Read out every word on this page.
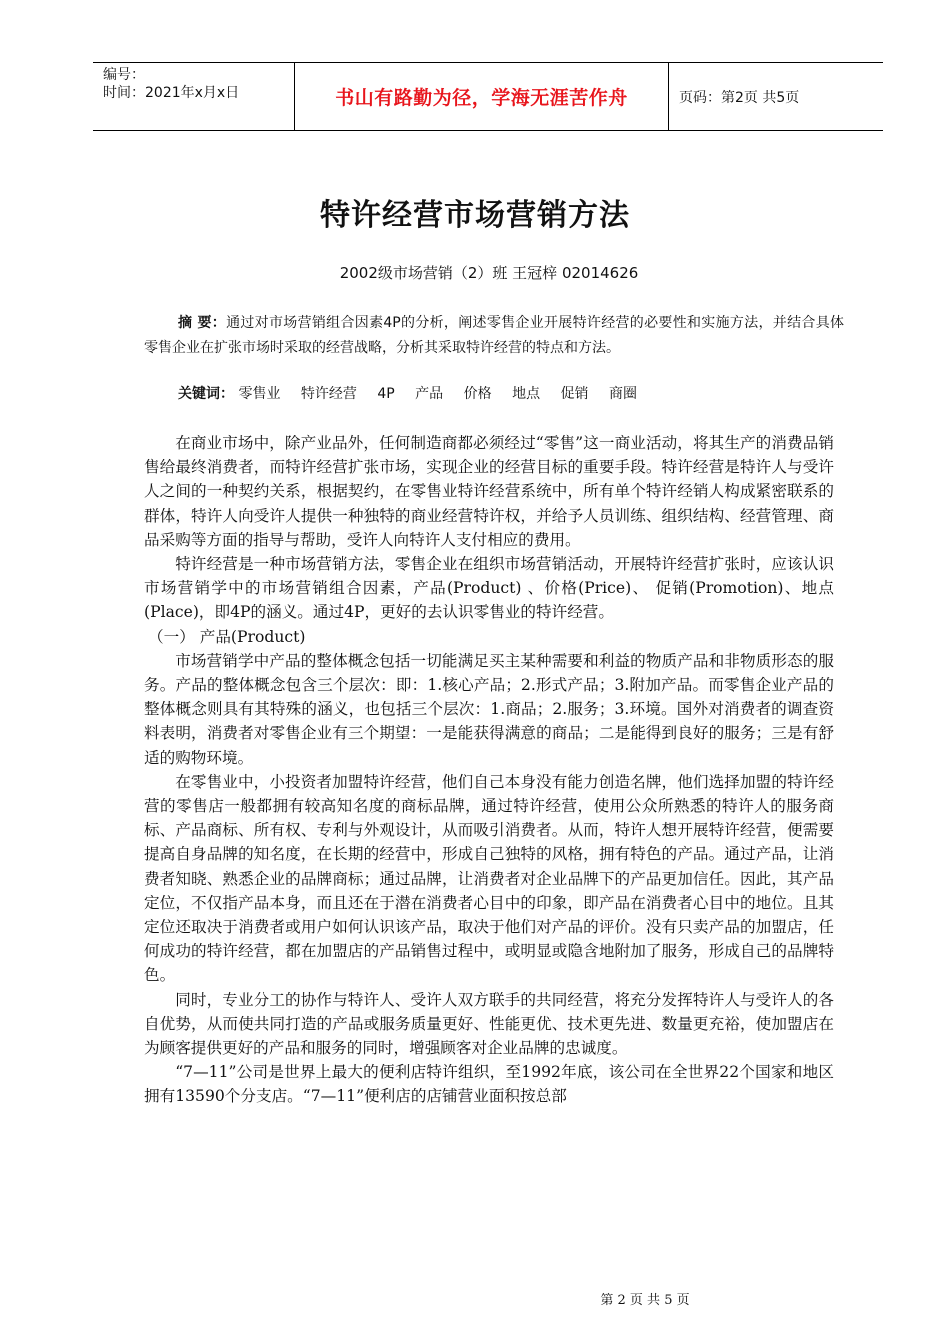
编号：
时间：2021年x月x日	书山有路勤为径，学海无涯苦作舟	页码：第2页 共5页
特许经营市场营销方法
2002级市场营销（2）班 王冠梓 02014626
摘 要：通过对市场营销组合因素4P的分析，阐述零售企业开展特许经营的必要性和实施方法，并结合具体零售企业在扩张市场时采取的经营战略，分析其采取特许经营的特点和方法。
关键词： 零售业 特许经营 4P 产品 价格 地点 促销 商圈

在商业市场中，除产业品外，任何制造商都必须经过“零售”这一商业活动，将其生产的消费品销售给最终消费者，而特许经营扩张市场，实现企业的经营目标的重要手段。特许经营是特许人与受许人之间的一种契约关系，根据契约，在零售业特许经营系统中，所有单个特许经销人构成紧密联系的群体，特许人向受许人提供一种独特的商业经营特许权，并给予人员训练、组织结构、经营管理、商品采购等方面的指导与帮助，受许人向特许人支付相应的费用。

特许经营是一种市场营销方法，零售企业在组织市场营销活动，开展特许经营扩张时，应该认识市场营销学中的市场营销组合因素，产品(Product) 、价格(Price)、 促销(Promotion)、地点(Place)，即4P的涵义。通过4P，更好的去认识零售业的特许经营。

（一） 产品(Product)

市场营销学中产品的整体概念包括一切能满足买主某种需要和利益的物质产品和非物质形态的服务。产品的整体概念包含三个层次：即：1.核心产品；2.形式产品；3.附加产品。而零售企业产品的整体概念则具有其特殊的涵义，也包括三个层次：1.商品；2.服务；3.环境。国外对消费者的调查资料表明，消费者对零售企业有三个期望：一是能获得满意的商品；二是能得到良好的服务；三是有舒适的购物环境。

在零售业中，小投资者加盟特许经营，他们自己本身没有能力创造名牌，他们选择加盟的特许经营的零售店一般都拥有较高知名度的商标品牌，通过特许经营，使用公众所熟悉的特许人的服务商标、产品商标、所有权、专利与外观设计，从而吸引消费者。从而，特许人想开展特许经营，便需要提高自身品牌的知名度，在长期的经营中，形成自己独特的风格，拥有特色的产品。通过产品，让消费者知晓、熟悉企业的品牌商标；通过品牌，让消费者对企业品牌下的产品更加信任。因此，其产品定位，不仅指产品本身，而且还在于潜在消费者心目中的印象，即产品在消费者心目中的地位。且其定位还取决于消费者或用户如何认识该产品，取决于他们对产品的评价。没有只卖产品的加盟店，任何成功的特许经营，都在加盟店的产品销售过程中，或明显或隐含地附加了服务，形成自己的品牌特色。

同时，专业分工的协作与特许人、受许人双方联手的共同经营，将充分发挥特许人与受许人的各自优势，从而使共同打造的产品或服务质量更好、性能更优、技术更先进、数量更充裕，使加盟店在为顾客提供更好的产品和服务的同时，增强顾客对企业品牌的忠诚度。

“7—11”公司是世界上最大的便利店特许组织，至1992年底，该公司在全世界22个国家和地区拥有13590个分支店。“7—11”便利店的店铺营业面积按总部

第 2 页 共 5 页
